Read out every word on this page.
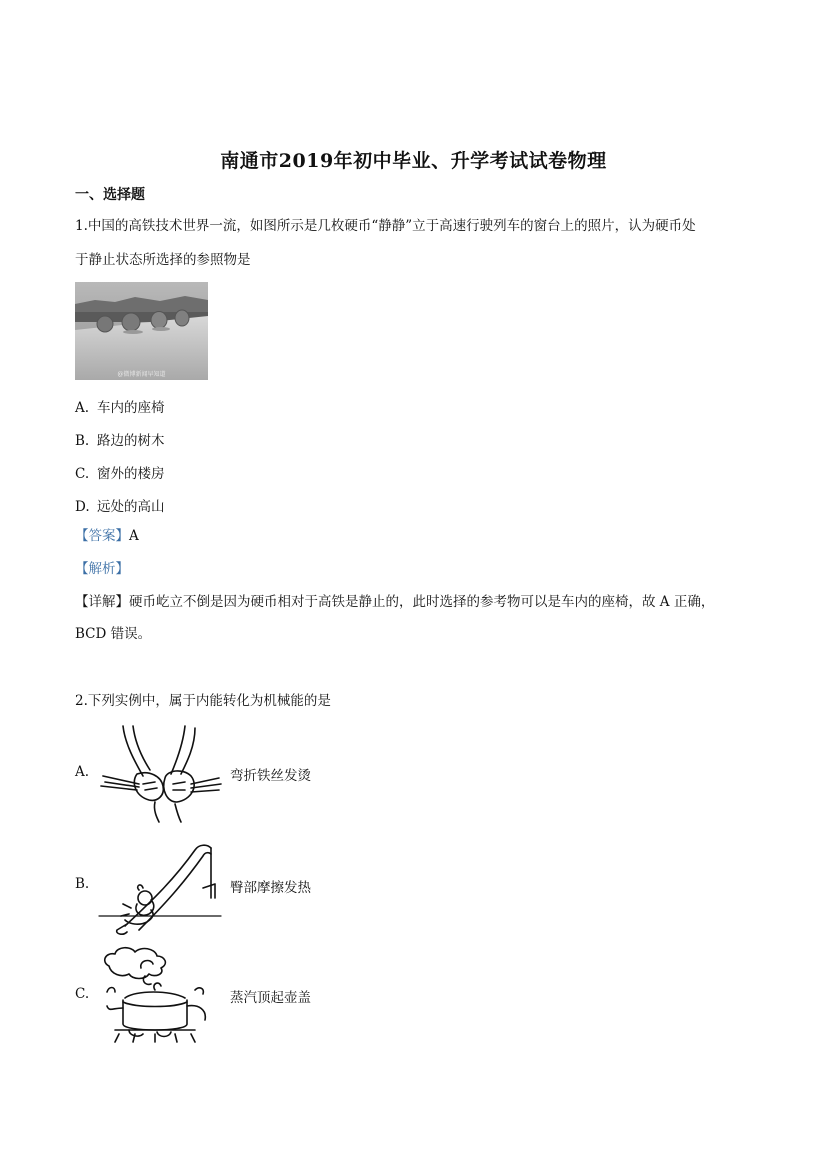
南通市2019年初中毕业、升学考试试卷物理
一、选择题
1.中国的高铁技术世界一流，如图所示是几枚硬币“静静”立于高速行驶列车的窗台上的照片，认为硬币处
于静止状态所选择的参照物是
@微博新闻早知道
A. 车内的座椅
B. 路边的树木
C. 窗外的楼房
D. 远处的高山
【答案】A
【解析】
【详解】硬币屹立不倒是因为硬币相对于高铁是静止的，此时选择的参考物可以是车内的座椅，故 A 正确，
BCD 错误。
2.下列实例中，属于内能转化为机械能的是
A.	弯折铁丝发烫
B.	臀部摩擦发热
C.	蒸汽顶起壶盖
